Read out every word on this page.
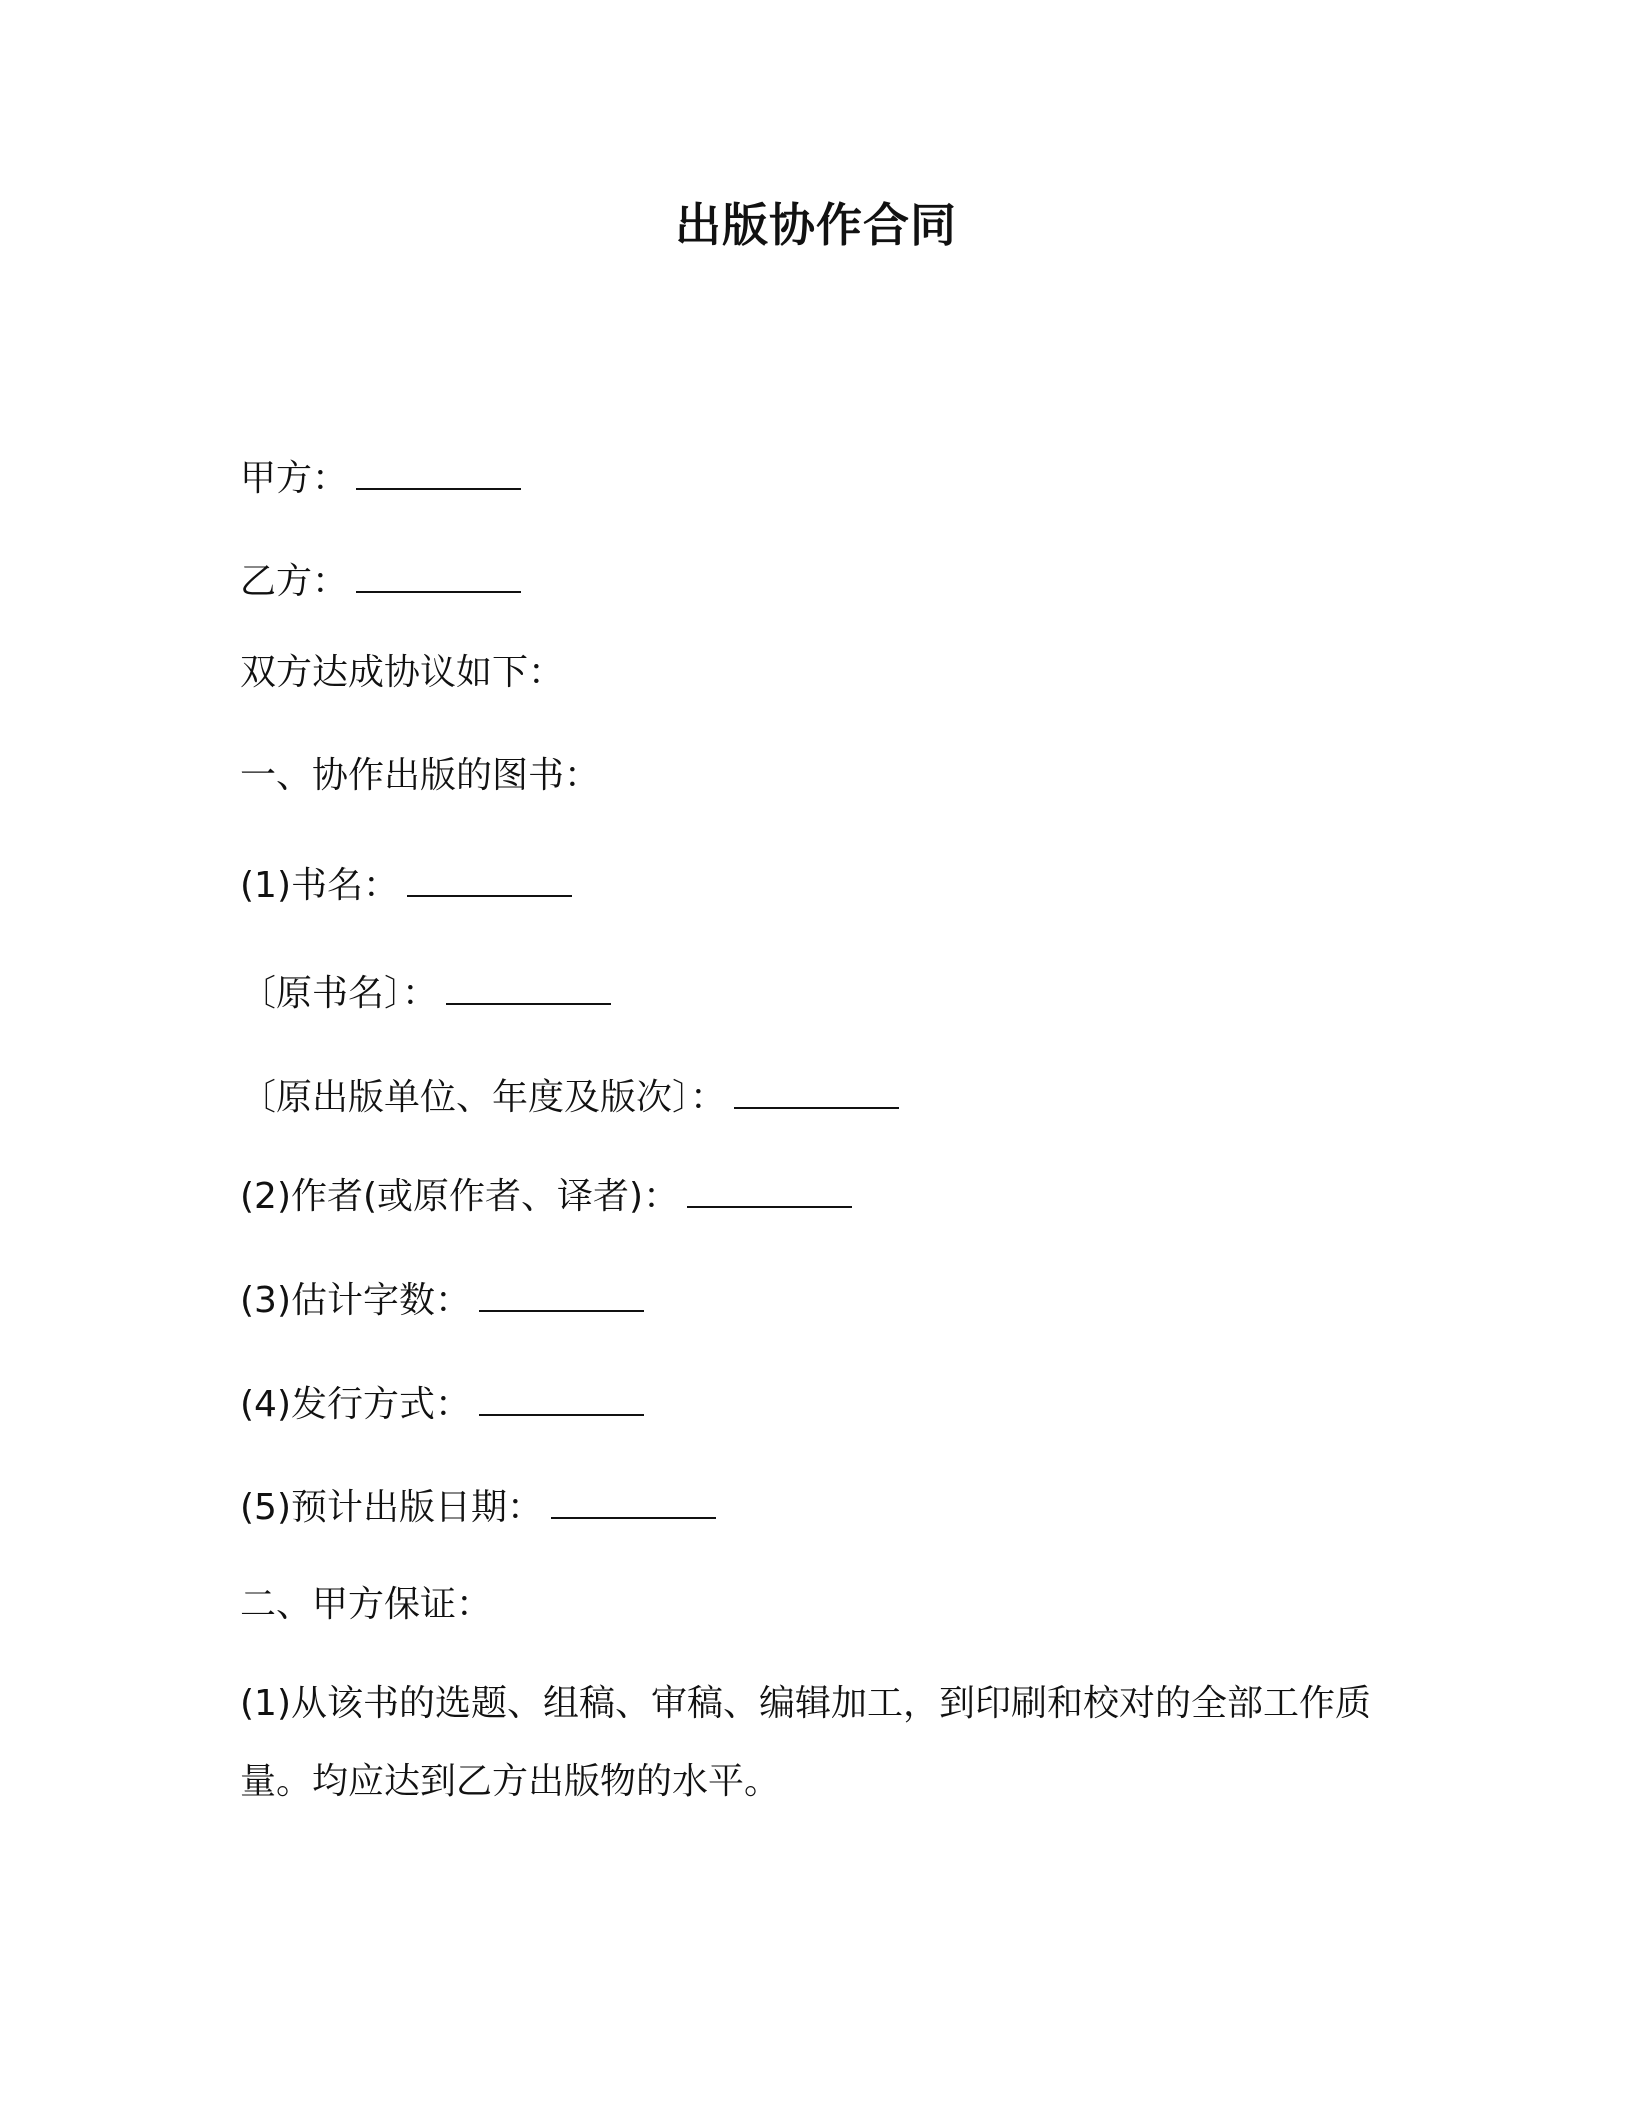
出版协作合同
甲方：
乙方：
双方达成协议如下：
一、协作出版的图书：
(1)书名：
〔原书名〕：
〔原出版单位、年度及版次〕：
(2)作者(或原作者、译者)：
(3)估计字数：
(4)发行方式：
(5)预计出版日期：
二、甲方保证：
(1)从该书的选题、组稿、审稿、编辑加工，到印刷和校对的全部工作质量。均应达到乙方出版物的水平。
